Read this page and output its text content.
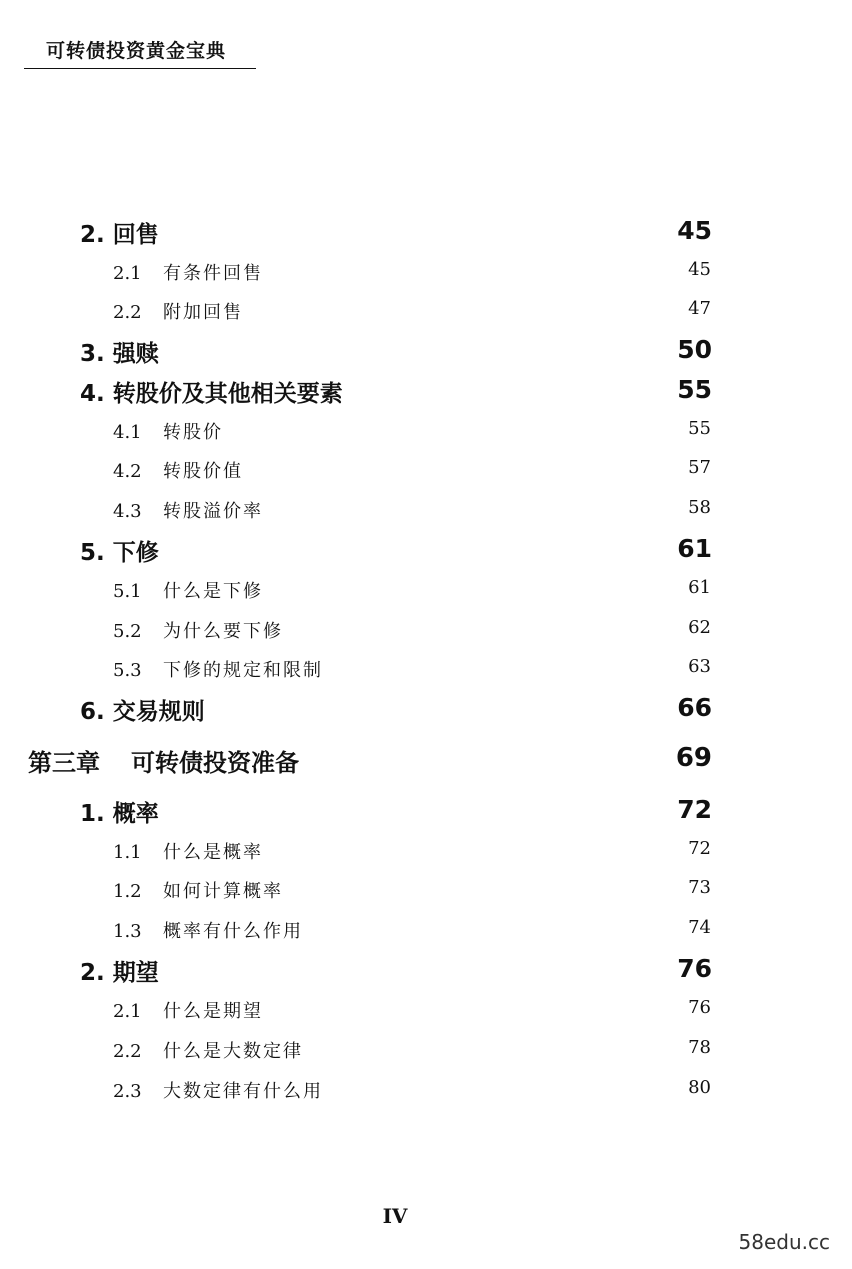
可转债投资黄金宝典
2. 回售	45
2.1 有条件回售	45
2.2 附加回售	47
3. 强赎	50
4. 转股价及其他相关要素	55
4.1 转股价	55
4.2 转股价值	57
4.3 转股溢价率	58
5. 下修	61
5.1 什么是下修	61
5.2 为什么要下修	62
5.3 下修的规定和限制	63
6. 交易规则	66
第三章 可转债投资准备	69
1. 概率	72
1.1 什么是概率	72
1.2 如何计算概率	73
1.3 概率有什么作用	74
2. 期望	76
2.1 什么是期望	76
2.2 什么是大数定律	78
2.3 大数定律有什么用	80
IV
58edu.cc
